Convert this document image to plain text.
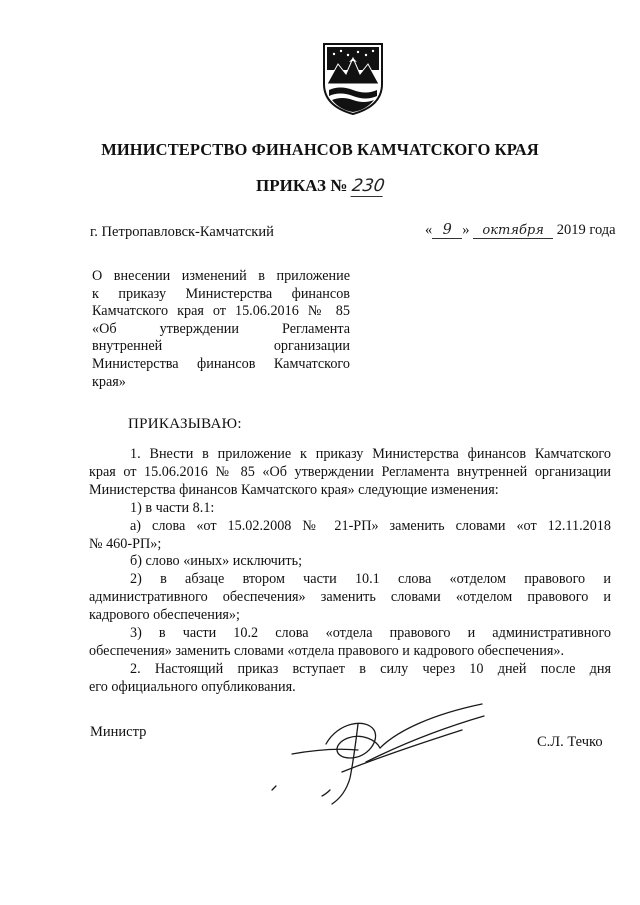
МИНИСТЕРСТВО ФИНАНСОВ КАМЧАТСКОГО КРАЯ
ПРИКАЗ № 230
г. Петропавловск-Камчатский	« 9 » октября 2019 года
О внесении изменений в приложение
к приказу Министерства финансов
Камчатского края от 15.06.2016 № 85
«Об утверждении Регламента
внутренней организации
Министерства финансов Камчатского
края»
ПРИКАЗЫВАЮ:
1. Внести в приложение к приказу Министерства финансов Камчатского
края от 15.06.2016 № 85 «Об утверждении Регламента внутренней организации
Министерства финансов Камчатского края» следующие изменения:
1) в части 8.1:
а) слова «от 15.02.2008 № 21-РП» заменить словами «от 12.11.2018
№ 460-РП»;
б) слово «иных» исключить;
2) в абзаце втором части 10.1 слова «отделом правового и
административного обеспечения» заменить словами «отделом правового и
кадрового обеспечения»;
3) в части 10.2 слова «отдела правового и административного
обеспечения» заменить словами «отдела правового и кадрового обеспечения».
2. Настоящий приказ вступает в силу через 10 дней после дня
его официального опубликования.
Министр
С.Л. Течко
